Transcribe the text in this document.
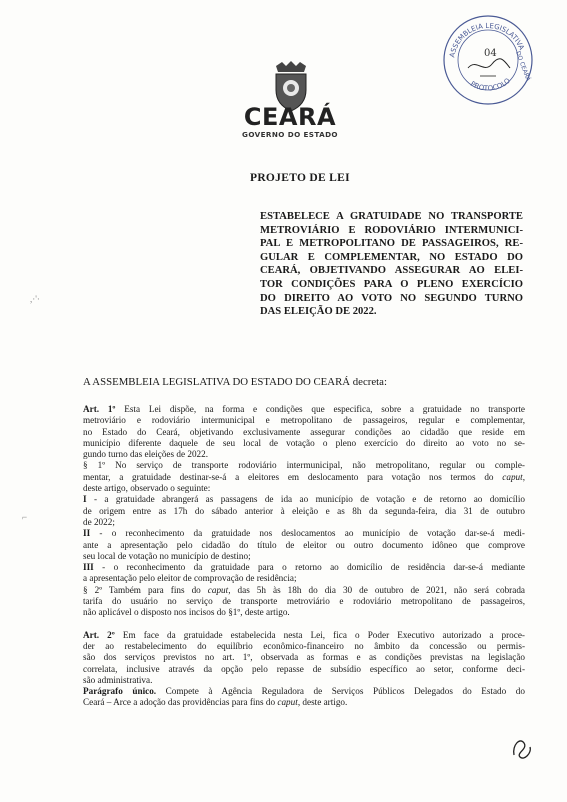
ASSEMBLEIA LEGISLATIVA
PROTOCOLO DO CEARÁ
04
CEARÁ
GOVERNO DO ESTADO
PROJETO DE LEI
ESTABELECE A GRATUIDADE NO TRANSPORTE
METROVIÁRIO E RODOVIÁRIO INTERMUNICI-
PAL E METROPOLITANO DE PASSAGEIROS, RE-
GULAR E COMPLEMENTAR, NO ESTADO DO
CEARÁ, OBJETIVANDO ASSEGURAR AO ELEI-
TOR CONDIÇÕES PARA O PLENO EXERCÍCIO
DO DIREITO AO VOTO NO SEGUNDO TURNO
DAS ELEIÇÃO DE 2022.
,·'·
⌐
A ASSEMBLEIA LEGISLATIVA DO ESTADO DO CEARÁ decreta:
Art. 1º Esta Lei dispõe, na forma e condições que especifica, sobre a gratuidade no transporte
metroviário e rodoviário intermunicipal e metropolitano de passageiros, regular e complementar,
no Estado do Ceará, objetivando exclusivamente assegurar condições ao cidadão que reside em
município diferente daquele de seu local de votação o pleno exercício do direito ao voto no se-
gundo turno das eleições de 2022.
§ 1º No serviço de transporte rodoviário intermunicipal, não metropolitano, regular ou comple-
mentar, a gratuidade destinar-se-á a eleitores em deslocamento para votação nos termos do caput,
deste artigo, observado o seguinte:
I - a gratuidade abrangerá as passagens de ida ao município de votação e de retorno ao domicílio
de origem entre as 17h do sábado anterior à eleição e as 8h da segunda-feira, dia 31 de outubro
de 2022;
II - o reconhecimento da gratuidade nos deslocamentos ao município de votação dar-se-á medi-
ante a apresentação pelo cidadão do título de eleitor ou outro documento idôneo que comprove
seu local de votação no município de destino;
III - o reconhecimento da gratuidade para o retorno ao domicílio de residência dar-se-á mediante
a apresentação pelo eleitor de comprovação de residência;
§ 2º Também para fins do caput, das 5h às 18h do dia 30 de outubro de 2021, não será cobrada
tarifa do usuário no serviço de transporte metroviário e rodoviário metropolitano de passageiros,
não aplicável o disposto nos incisos do §1º, deste artigo.
Art. 2º Em face da gratuidade estabelecida nesta Lei, fica o Poder Executivo autorizado a proce-
der ao restabelecimento do equilíbrio econômico-financeiro no âmbito da concessão ou permis-
são dos serviços previstos no art. 1º, observada as formas e as condições previstas na legislação
correlata, inclusive através da opção pelo repasse de subsídio específico ao setor, conforme deci-
são administrativa.
Parágrafo único. Compete à Agência Reguladora de Serviços Públicos Delegados do Estado do
Ceará – Arce a adoção das providências para fins do caput, deste artigo.
